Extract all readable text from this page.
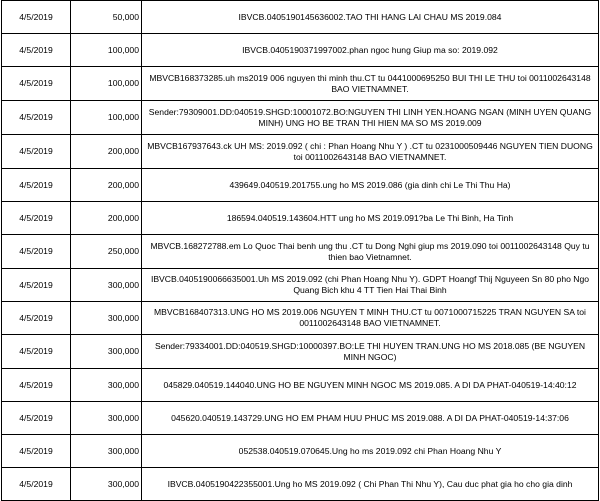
4/5/2019	50,000	IBVCB.0405190145636002.TAO THI HANG LAI CHAU MS 2019.084
4/5/2019	100,000	IBVCB.0405190371997002.phan ngoc hung Giup ma so: 2019.092
4/5/2019	100,000	MBVCB168373285.uh ms2019 006 nguyen thi minh thu.CT tu 0441000695250 BUI THI LE THU toi 0011002643148 BAO VIETNAMNET.
4/5/2019	100,000	Sender:79309001.DD:040519.SHGD:10001072.BO:NGUYEN THI LINH YEN.HOANG NGAN (MINH UYEN QUANG MINH) UNG HO BE TRAN THI HIEN MA SO MS 2019.009
4/5/2019	200,000	MBVCB167937643.ck UH MS: 2019.092 ( chi : Phan Hoang Nhu Y ) .CT tu 0231000509446 NGUYEN TIEN DUONG toi 0011002643148 BAO VIETNAMNET.
4/5/2019	200,000	439649.040519.201755.ung ho MS 2019.086 (gia dinh chi Le Thi Thu Ha)
4/5/2019	200,000	186594.040519.143604.HTT ung ho MS 2019.091?ba Le Thi Binh, Ha Tinh
4/5/2019	250,000	MBVCB.168272788.em Lo Quoc Thai benh ung thu .CT tu Dong Nghi giup ms 2019.090 toi 0011002643148 Quy tu thien bao Vietnamnet.
4/5/2019	300,000	IBVCB.0405190066635001.Uh MS 2019.092 (chi Phan Hoang Nhu Y). GDPT Hoangf Thij Nguyeen Sn 80 pho Ngo Quang Bich khu 4 TT Tien Hai Thai Binh
4/5/2019	300,000	MBVCB168407313.UNG HO MS 2019.006 NGUYEN T MINH THU.CT tu 0071000715225 TRAN NGUYEN SA toi 0011002643148 BAO VIETNAMNET.
4/5/2019	300,000	Sender:79334001.DD:040519.SHGD:10000397.BO:LE THI HUYEN TRAN.UNG HO MS 2018.085 (BE NGUYEN MINH NGOC)
4/5/2019	300,000	045829.040519.144040.UNG HO BE NGUYEN MINH NGOC MS 2019.085. A DI DA PHAT-040519-14:40:12
4/5/2019	300,000	045620.040519.143729.UNG HO EM PHAM HUU PHUC MS 2019.088. A DI DA PHAT-040519-14:37:06
4/5/2019	300,000	052538.040519.070645.Ung ho ms 2019.092 chi Phan Hoang Nhu Y
4/5/2019	300,000	IBVCB.0405190422355001.Ung ho MS 2019.092 ( Chi Phan Thi Nhu Y), Cau duc phat gia ho cho gia dinh
